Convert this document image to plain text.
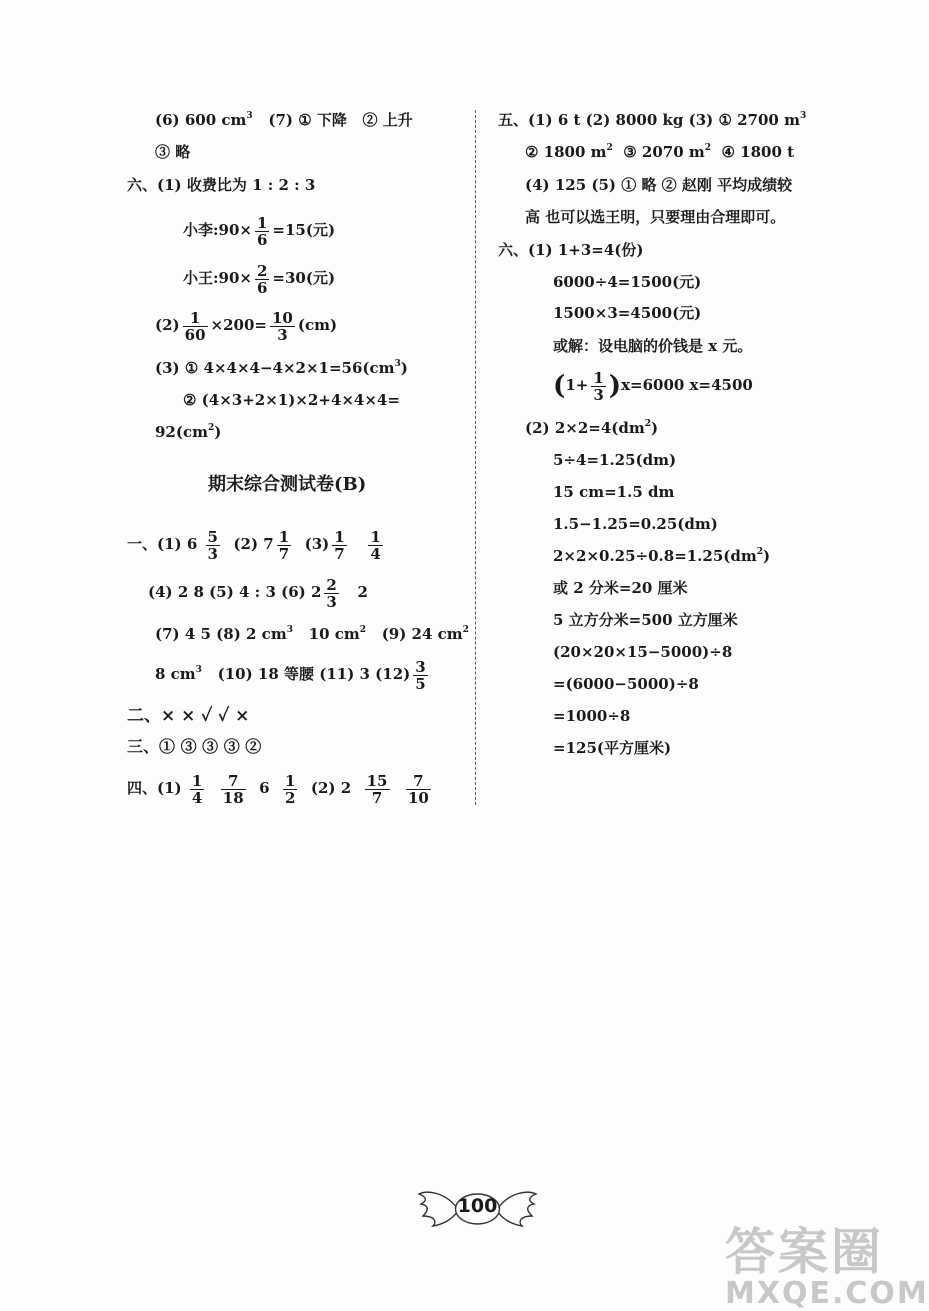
(6) 600 $cm^3$ (7) ① 下降 ② 上升
③ 略
六、(1) 收费比为 1 : 2 : 3
小李:90× $\frac{1}{6} =15$(元)
小王:90× $\frac{2}{6} =30$(元)
$(2) \frac{1}{60} \times 200= \frac{10}{3} (cm)$
(3) ① $4\times 4\times 4-4\times 2\times 1=56(cm^3)$
② (4×3+2×1)×2+4×4×4=
$92(cm^2)$
期末综合测试卷(B)
一、(1) $6 \frac{5}{3} (2)$ $7 \frac{1}{7} (3) \frac{1}{7}$
$\frac{1}{4}$
(4) 2 8 (5) 4 : 3 (6) $2 \frac{2}{3} 2$
(7) 4 5 (8) 2 $cm^3$ 10 $cm^2$ (9) 24 $cm^2$
8 $cm^3$ (10) 18 等腰 (11) 3 $(12) \frac{3}{5}$
二、× × ✓ ✓ ×
三、① ③ ③ ③ ②
四、$(1) \frac{1}{4}$
$\frac{7}{18} 6 \frac{1}{2} (2)$ $2 \frac{15}{7}$
$\frac{7}{10}$
五、(1) 6 t (2) 8000 kg (3) ① 2700 $m^3$
② 1800 $m^2$ ③ 2070 $m^2$ ④ 1800 t
(4) 125 (5) ① 略 ② 赵刚 平均成绩较
高 也可以选王明，只要理由合理即可。
六、(1) 1+3=4(份)
6000÷4=1500(元)
1500×3=4500(元)
或解：设电脑的价钱是 x 元。
$(1+ \frac{1}{3} )x=6000$ x=4500
(2) $2\times 2=4(dm^2)$
5÷4=1.25(dm)
15 cm=1.5 dm
1.5−1.25=0.25(dm)
$2\times 2\times 0.25\div 0.8=1.25(dm^2)$
或 2 分米=20 厘米
5 立方分米=500 立方厘米
(20×20×15−5000)÷8
=(6000−5000)÷8
=1000÷8
=125(平方厘米)
100
答案圈
MXQE.COM
